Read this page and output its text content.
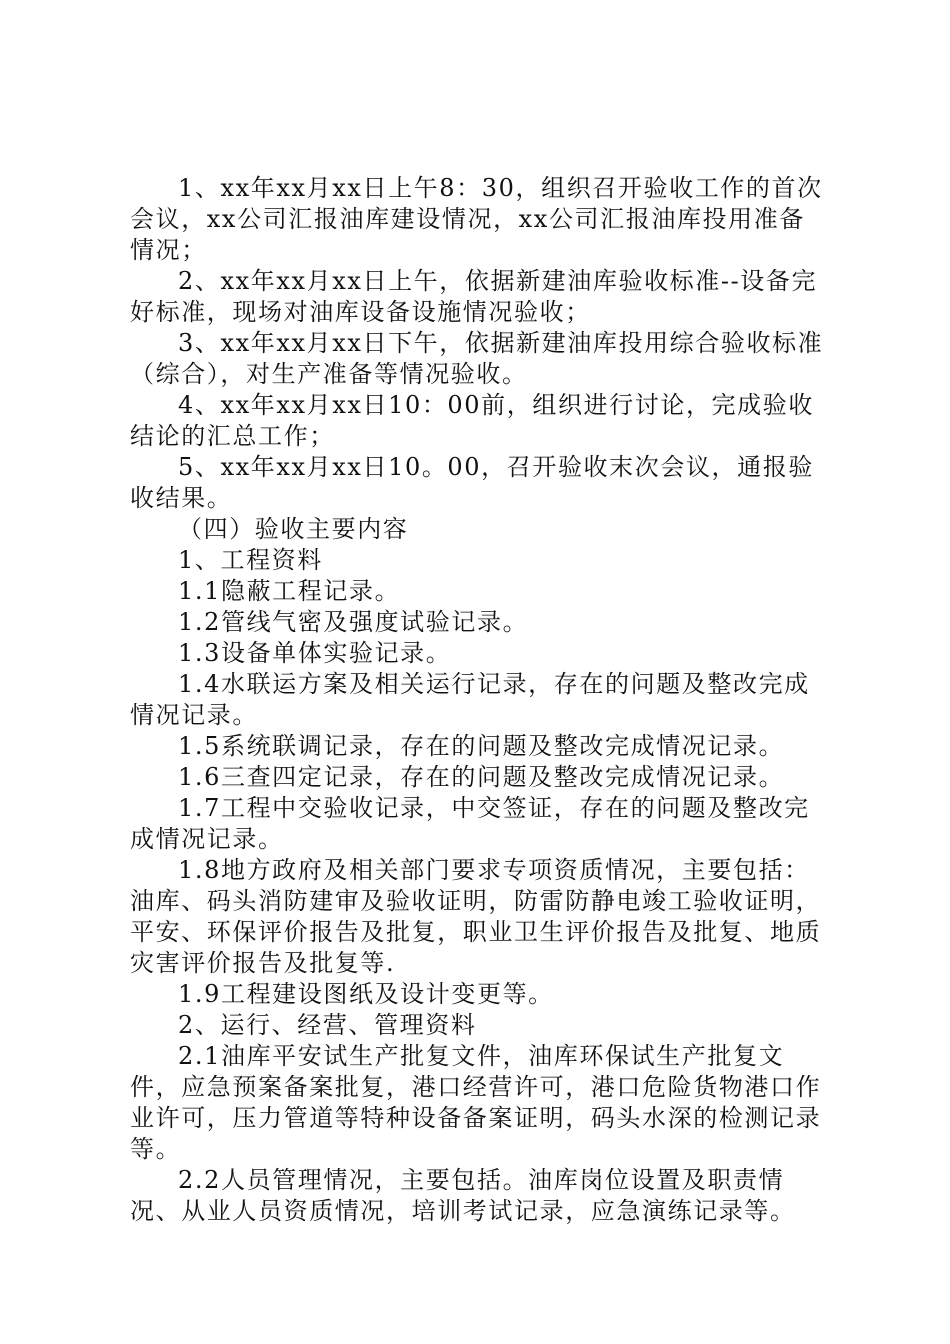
1、xx年xx月xx日上午8：30，组织召开验收工作的首次会议，xx公司汇报油库建设情况，xx公司汇报油库投用准备情况；

2、xx年xx月xx日上午，依据新建油库验收标准--设备完好标准，现场对油库设备设施情况验收；

3、xx年xx月xx日下午，依据新建油库投用综合验收标准（综合），对生产准备等情况验收。

4、xx年xx月xx日10：00前，组织进行讨论，完成验收结论的汇总工作；

5、xx年xx月xx日10。00，召开验收末次会议，通报验收结果。

（四）验收主要内容

1、工程资料

1.1隐蔽工程记录。

1.2管线气密及强度试验记录。

1.3设备单体实验记录。

1.4水联运方案及相关运行记录，存在的问题及整改完成情况记录。

1.5系统联调记录，存在的问题及整改完成情况记录。

1.6三查四定记录，存在的问题及整改完成情况记录。

1.7工程中交验收记录，中交签证，存在的问题及整改完成情况记录。

1.8地方政府及相关部门要求专项资质情况，主要包括：油库、码头消防建审及验收证明，防雷防静电竣工验收证明，平安、环保评价报告及批复，职业卫生评价报告及批复、地质灾害评价报告及批复等.

1.9工程建设图纸及设计变更等。

2、运行、经营、管理资料

2.1油库平安试生产批复文件，油库环保试生产批复文件，应急预案备案批复，港口经营许可，港口危险货物港口作业许可，压力管道等特种设备备案证明，码头水深的检测记录等。

2.2人员管理情况，主要包括。油库岗位设置及职责情况、从业人员资质情况，培训考试记录，应急演练记录等。
